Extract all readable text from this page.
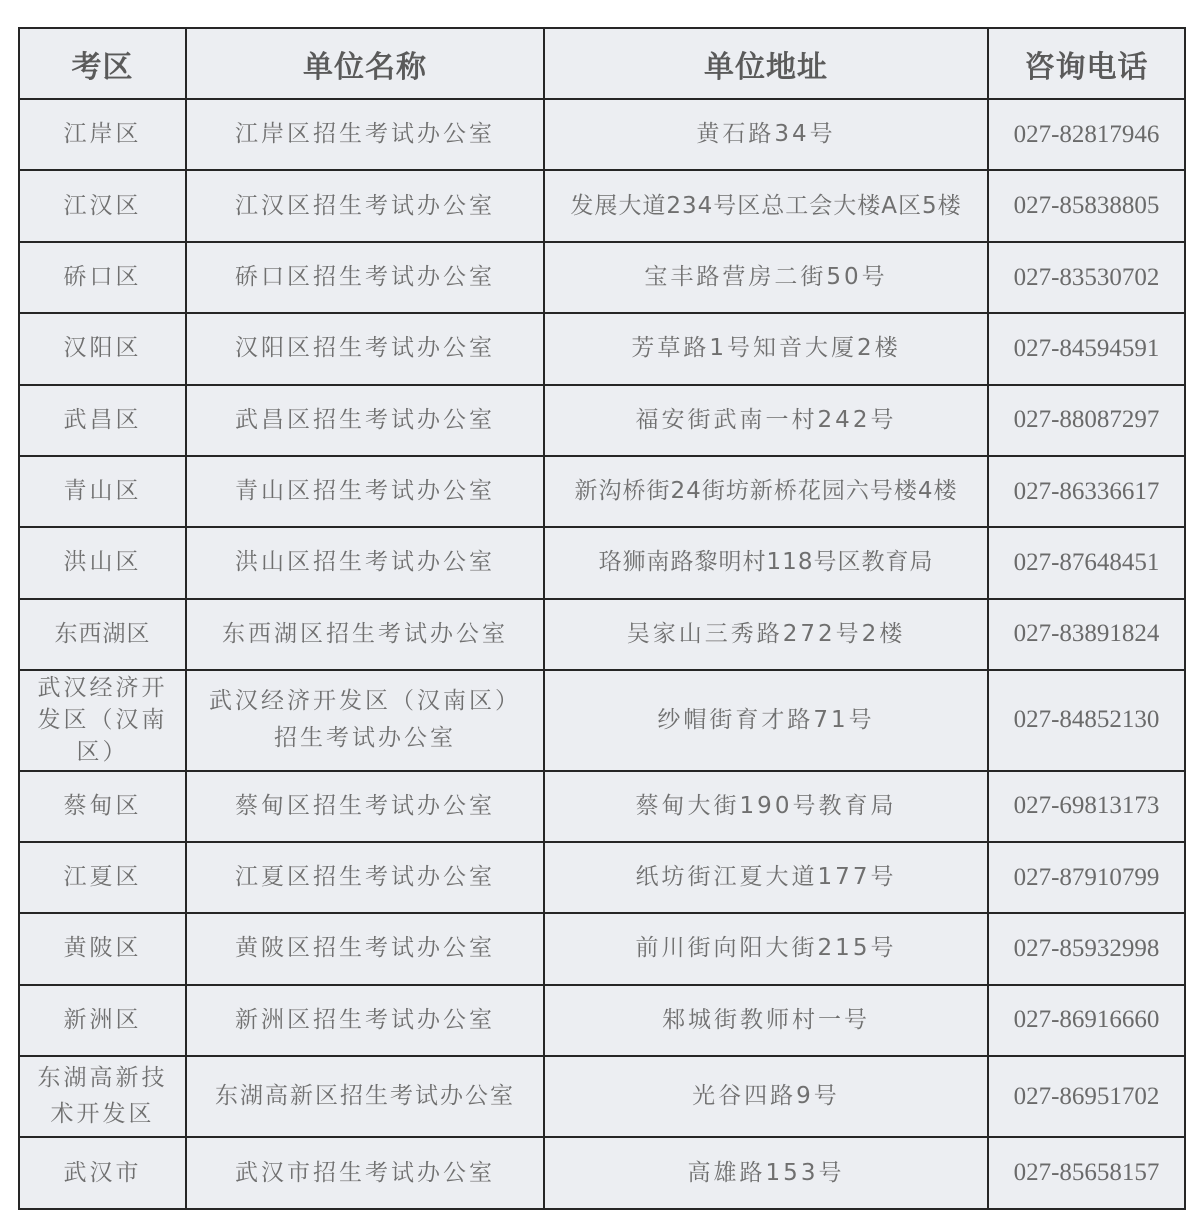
考区	单位名称	单位地址	咨询电话
江岸区	江岸区招生考试办公室	黄石路34号	027-82817946
江汉区	江汉区招生考试办公室	发展大道234号区总工会大楼A区5楼	027-85838805
硚口区	硚口区招生考试办公室	宝丰路营房二街50号	027-83530702
汉阳区	汉阳区招生考试办公室	芳草路1号知音大厦2楼	027-84594591
武昌区	武昌区招生考试办公室	福安街武南一村242号	027-88087297
青山区	青山区招生考试办公室	新沟桥街24街坊新桥花园六号楼4楼	027-86336617
洪山区	洪山区招生考试办公室	珞狮南路黎明村118号区教育局	027-87648451
东西湖区	东西湖区招生考试办公室	吴家山三秀路272号2楼	027-83891824
武汉经济开发区（汉南区）	武汉经济开发区（汉南区）招生考试办公室	纱帽街育才路71号	027-84852130
蔡甸区	蔡甸区招生考试办公室	蔡甸大街190号教育局	027-69813173
江夏区	江夏区招生考试办公室	纸坊街江夏大道177号	027-87910799
黄陂区	黄陂区招生考试办公室	前川街向阳大街215号	027-85932998
新洲区	新洲区招生考试办公室	邾城街教师村一号	027-86916660
东湖高新技术开发区	东湖高新区招生考试办公室	光谷四路9号	027-86951702
武汉市	武汉市招生考试办公室	高雄路153号	027-85658157
